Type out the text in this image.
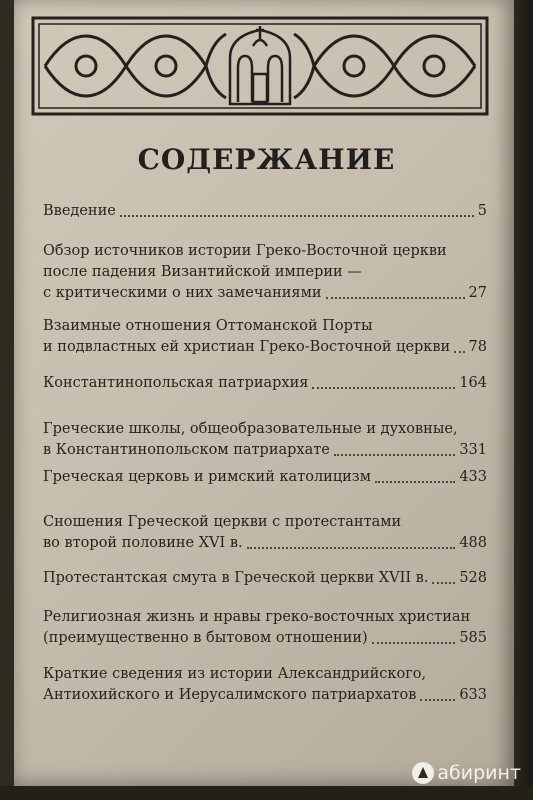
СОДЕРЖАНИЕ
Введение	5
Обзор источников истории Греко-Восточной церкви
после падения Византийской империи —
с критическими о них замечаниями	27
Взаимные отношения Оттоманской Порты
и подвластных ей христиан Греко-Восточной церкви 78
Константинопольская патриархия	164
Греческие школы, общеобразовательные и духовные,
в Константинопольском патриархате	331
Греческая церковь и римский католицизм	433
Сношения Греческой церкви с протестантами
во второй половине XVI в.	488
Протестантская смута в Греческой церкви XVII в. 528
Религиозная жизнь и нравы греко-восточных христиан
(преимущественно в бытовом отношении)	585
Краткие сведения из истории Александрийского,
Антиохийского и Иерусалимского патриархатов	633
абиринт
